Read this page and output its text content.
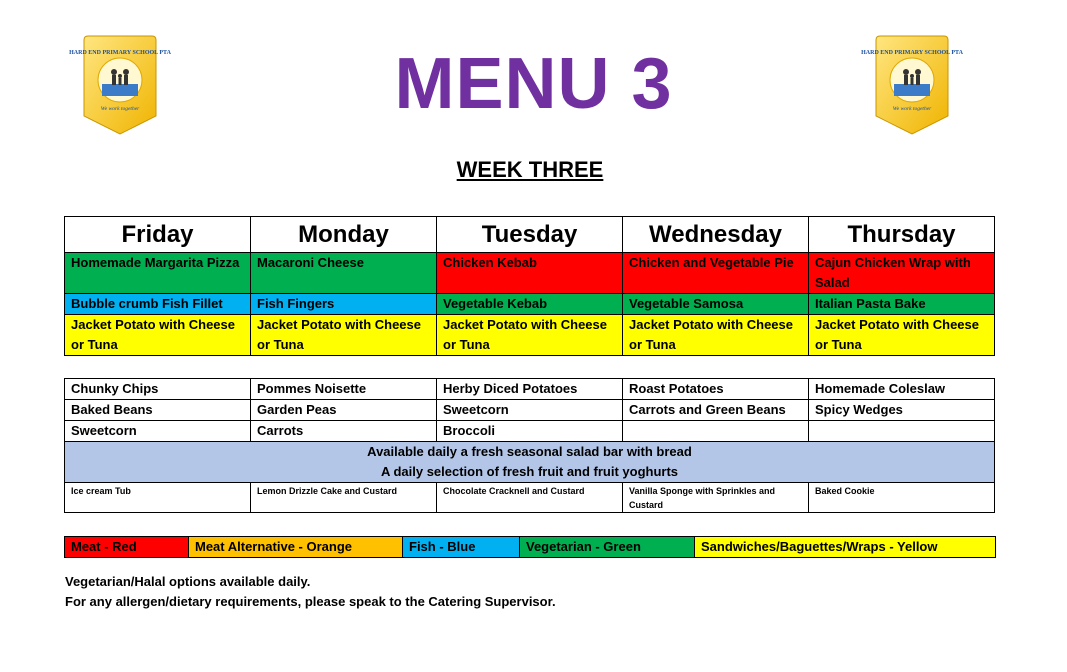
HARD END PRIMARY SCHOOL PTA
We work together
HARD END PRIMARY SCHOOL PTA
We work together
MENU 3
WEEK THREE
Friday	Monday	Tuesday	Wednesday	Thursday
Homemade Margarita Pizza	Macaroni Cheese	Chicken Kebab	Chicken and Vegetable Pie	Cajun Chicken Wrap with Salad
Bubble crumb Fish Fillet	Fish Fingers	Vegetable Kebab	Vegetable Samosa	Italian Pasta Bake
Jacket Potato with Cheese or Tuna	Jacket Potato with Cheese or Tuna	Jacket Potato with Cheese or Tuna	Jacket Potato with Cheese or Tuna	Jacket Potato with Cheese or Tuna
Chunky Chips	Pommes Noisette	Herby Diced Potatoes	Roast Potatoes	Homemade Coleslaw
Baked Beans	Garden Peas	Sweetcorn	Carrots and Green Beans	Spicy Wedges
Sweetcorn	Carrots	Broccoli		

Available daily a fresh seasonal salad bar with bread
A daily selection of fresh fruit and fruit yoghurts				

Ice cream Tub	Lemon Drizzle Cake and Custard	Chocolate Cracknell and Custard	Vanilla Sponge with Sprinkles and Custard	Baked Cookie
Meat - Red	Meat Alternative - Orange	Fish - Blue	Vegetarian - Green	Sandwiches/Baguettes/Wraps - Yellow
Vegetarian/Halal options available daily.
For any allergen/dietary requirements, please speak to the Catering Supervisor.
